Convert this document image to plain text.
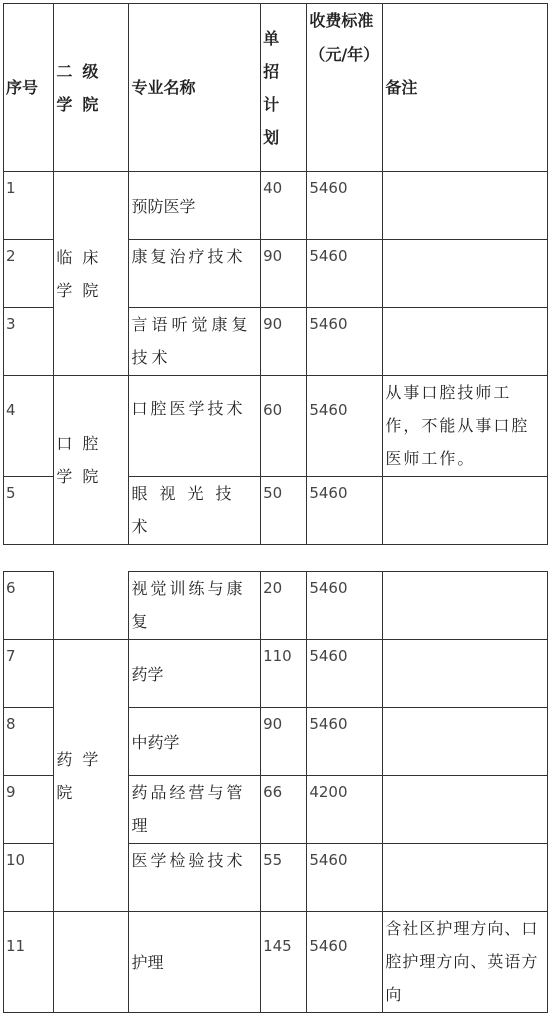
序号	二级学院	专业名称	单招计划	收费标准（元/年）	备注
1	临床学院	预防医学	40	5460	
2		康复治疗技术	90	5460	
3		言语听觉康复技术	90	5460	
4	口腔学院	口腔医学技术	60	5460	从事口腔技师工作，不能从事口腔医师工作。
5		眼视光技术	50	5460	
6		视觉训练与康复	20	5460	
7	药学院	药学	110	5460	
8		中药学	90	5460	
9		药品经营与管理	66	4200	
10		医学检验技术	55	5460	
11		护理	145	5460	含社区护理方向、口腔护理方向、英语方向
